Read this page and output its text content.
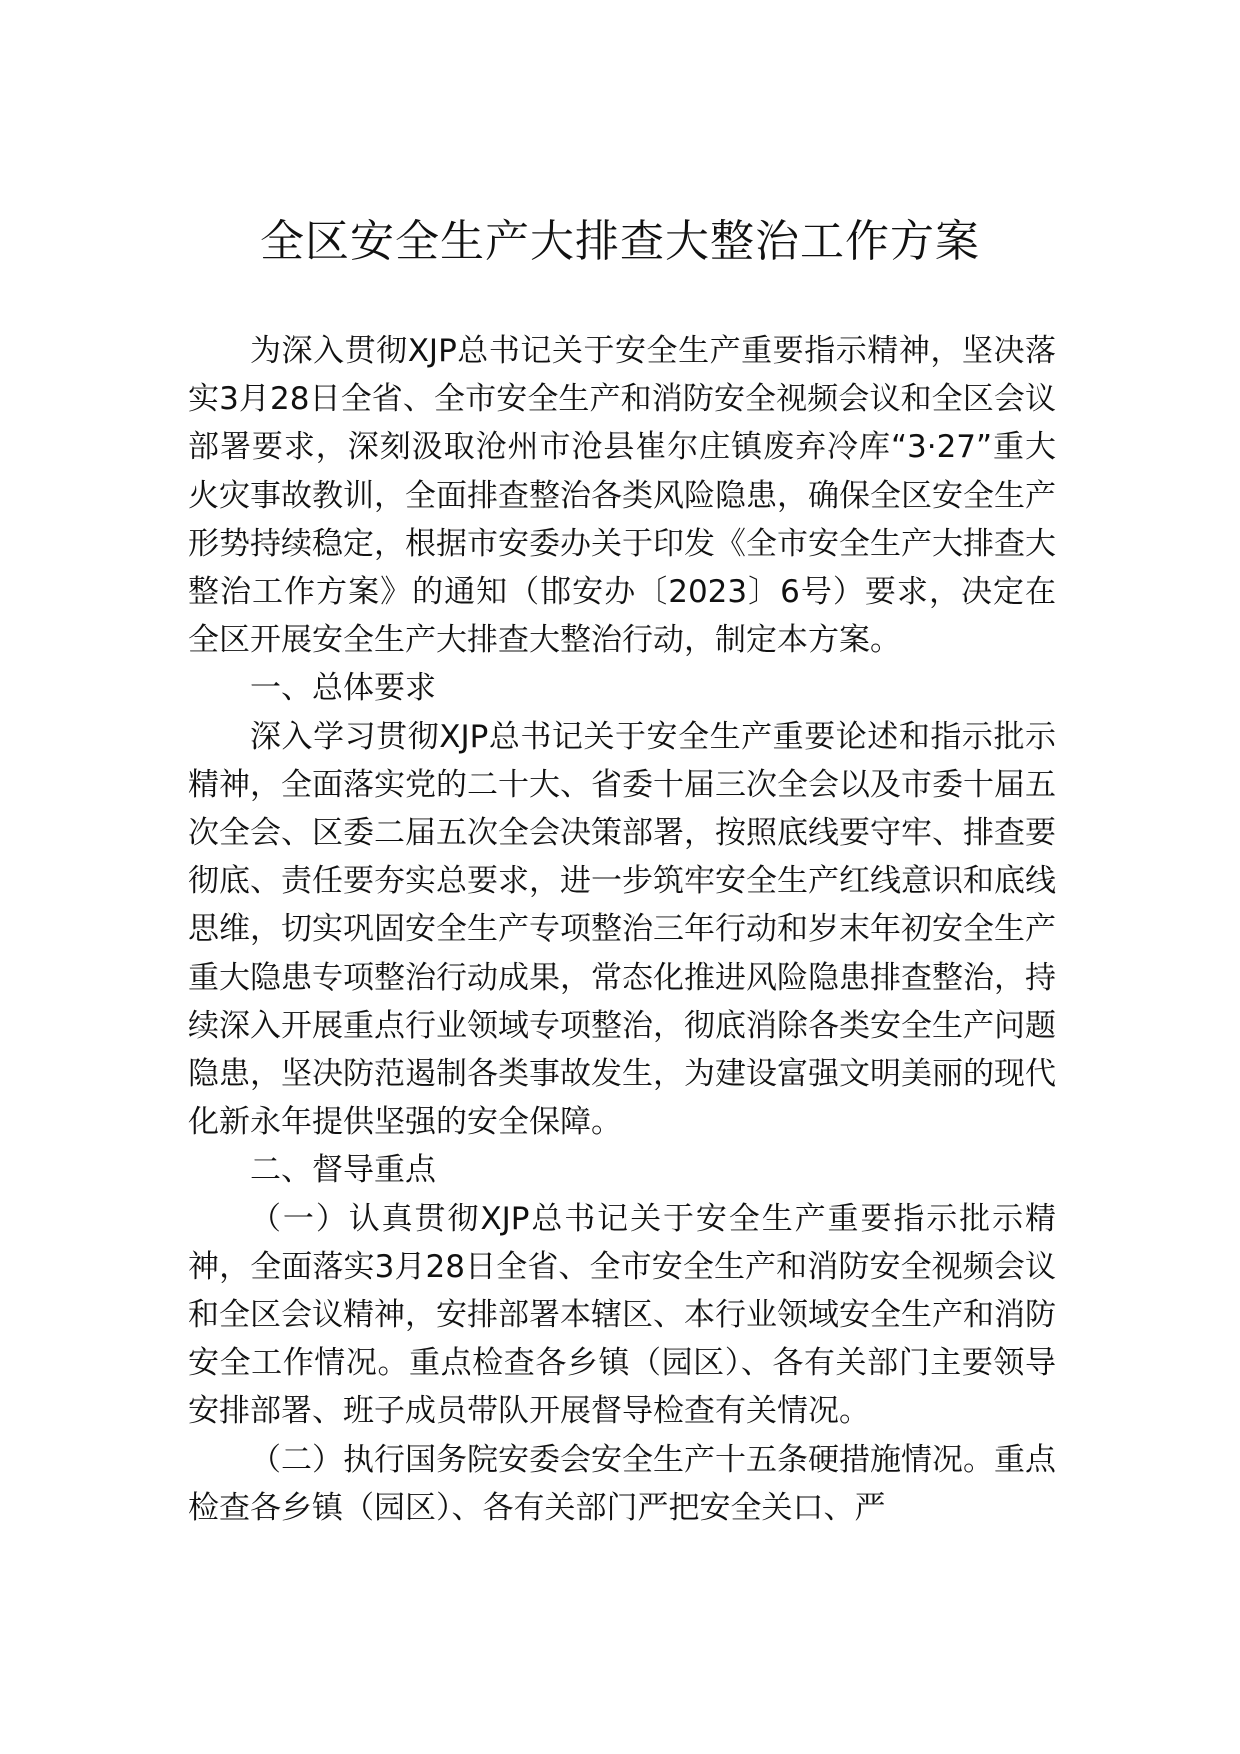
全区安全生产大排查大整治工作方案

为深入贯彻XJP总书记关于安全生产重要指示精神，坚决落实3月28日全省、全市安全生产和消防安全视频会议和全区会议部署要求，深刻汲取沧州市沧县崔尔庄镇废弃冷库“3·27”重大火灾事故教训，全面排查整治各类风险隐患，确保全区安全生产形势持续稳定，根据市安委办关于印发《全市安全生产大排查大整治工作方案》的通知（邯安办〔2023〕6号）要求，决定在全区开展安全生产大排查大整治行动，制定本方案。

一、总体要求

深入学习贯彻XJP总书记关于安全生产重要论述和指示批示精神，全面落实党的二十大、省委十届三次全会以及市委十届五次全会、区委二届五次全会决策部署，按照底线要守牢、排查要彻底、责任要夯实总要求，进一步筑牢安全生产红线意识和底线思维，切实巩固安全生产专项整治三年行动和岁末年初安全生产重大隐患专项整治行动成果，常态化推进风险隐患排查整治，持续深入开展重点行业领域专项整治，彻底消除各类安全生产问题隐患，坚决防范遏制各类事故发生，为建设富强文明美丽的现代化新永年提供坚强的安全保障。

二、督导重点

（一）认真贯彻XJP总书记关于安全生产重要指示批示精神，全面落实3月28日全省、全市安全生产和消防安全视频会议和全区会议精神，安排部署本辖区、本行业领域安全生产和消防安全工作情况。重点检查各乡镇（园区）、各有关部门主要领导安排部署、班子成员带队开展督导检查有关情况。

（二）执行国务院安委会安全生产十五条硬措施情况。重点检查各乡镇（园区）、各有关部门严把安全关口、严
